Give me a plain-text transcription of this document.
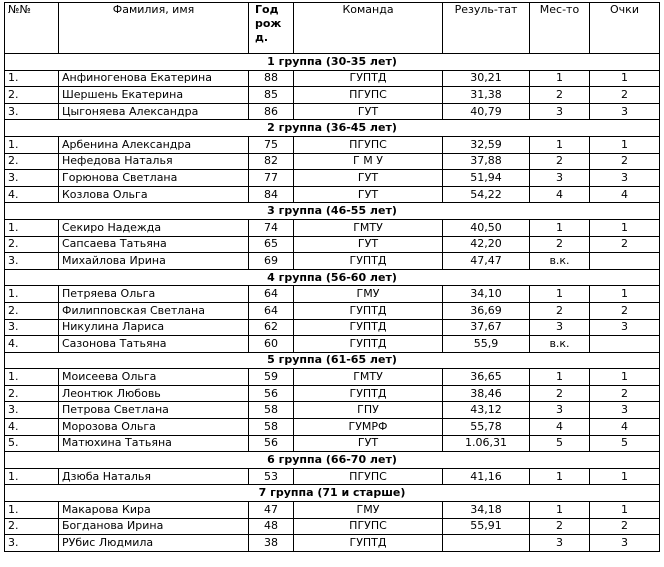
№№	Фамилия, имя	Год рож д.	Команда	Резуль-тат	Мес-то	Очки
1 группа (30-35 лет)						
1.	Анфиногенова Екатерина	88	ГУПТД	30,21	1	1
2.	Шершень Екатерина	85	ПГУПС	31,38	2	2
3.	Цыгоняева Александра	86	ГУТ	40,79	3	3
2 группа (36-45 лет)						
1.	Арбенина Александра	75	ПГУПС	32,59	1	1
2.	Нефедова Наталья	82	Г М У	37,88	2	2
3.	Горюнова Светлана	77	ГУТ	51,94	3	3
4.	Козлова Ольга	84	ГУТ	54,22	4	4
3 группа (46-55 лет)						
1.	Секиро Надежда	74	ГМТУ	40,50	1	1
2.	Сапсаева Татьяна	65	ГУТ	42,20	2	2
3.	Михайлова Ирина	69	ГУПТД	47,47	в.к.	
4 группа (56-60 лет)						
1.	Петряева Ольга	64	ГМУ	34,10	1	1
2.	Филипповская Светлана	64	ГУПТД	36,69	2	2
3.	Никулина Лариса	62	ГУПТД	37,67	3	3
4.	Сазонова Татьяна	60	ГУПТД	55,9	в.к.	
5 группа (61-65 лет)						
1.	Моисеева Ольга	59	ГМТУ	36,65	1	1
2.	Леонтюк Любовь	56	ГУПТД	38,46	2	2
3.	Петрова Светлана	58	ГПУ	43,12	3	3
4.	Морозова Ольга	58	ГУМРФ	55,78	4	4
5.	Матюхина Татьяна	56	ГУТ	1.06,31	5	5
6 группа (66-70 лет)						
1.	Дзюба Наталья	53	ПГУПС	41,16	1	1
7 группа (71 и старше)						
1.	Макарова Кира	47	ГМУ	34,18	1	1
2.	Богданова Ирина	48	ПГУПС	55,91	2	2
3.	РУбис Людмила	38	ГУПТД		3	3
